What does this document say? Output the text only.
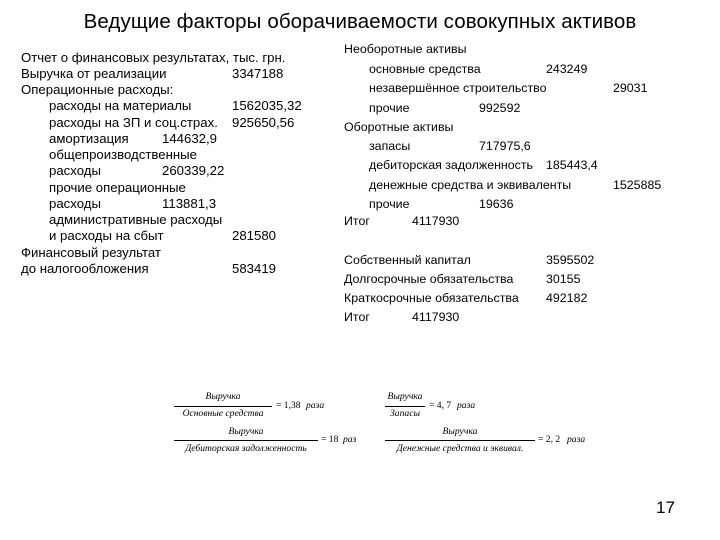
Ведущие факторы оборачиваемости совокупных активов
Отчет о финансовых результатах, тыс. грн.
Выручка от реализации	3347188
Операционные расходы:
расходы на материалы	1562035,32
расходы на ЗП и соц.страх. 925650,56
амортизация	144632,9
общепроизводственные
расходы	260339,22
прочие операционные
расходы	113881,3
административные расходы
и расходы на сбыт	281580
Финансовый результат
до налогообложения	583419
Необоротные активы
основные средства	243249
незавершённое строительство	29031
прочие	992592
Оборотные активы
запасы	717975,6
дебиторская задолженность 185443,4
денежные средства и эквиваленты	1525885
прочие	19636
Итог	4117930
Собственный капитал	3595502
Долгосрочные обязательства	30155
Краткосрочные обязательства 492182
Итог	4117930
Выручка
Основные средства
= 1,38 раза
Выручка
Запасы
= 4, 7 раза
Выручка
Дебиторская задолженность
= 18 раз
Выручка
Денежные средства и эквивал.
= 2, 2 раза
17
